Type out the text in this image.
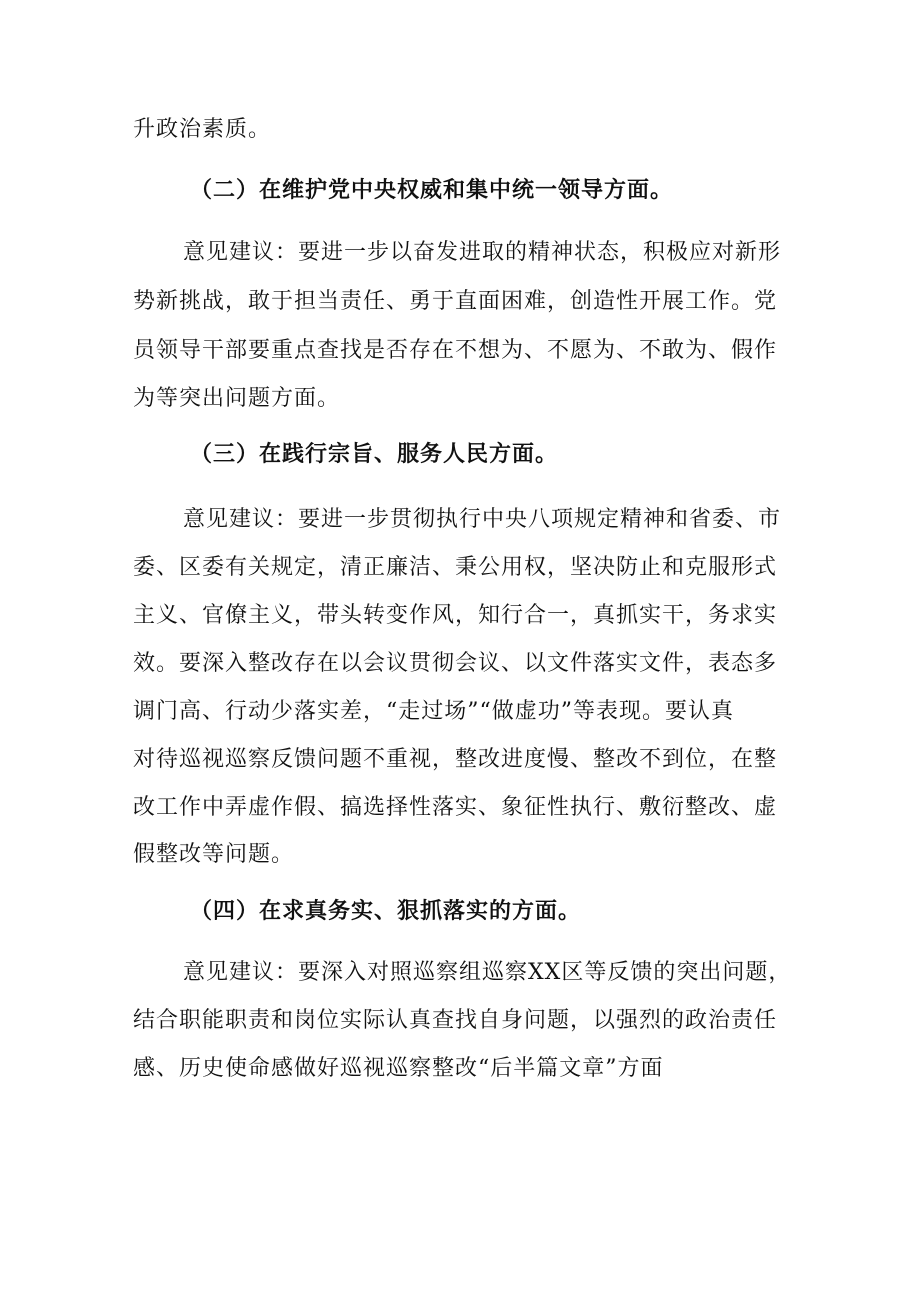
升政治素质。
（二）在维护党中央权威和集中统一领导方面。
意见建议：要进一步以奋发进取的精神状态，积极应对新形
势新挑战，敢于担当责任、勇于直面困难，创造性开展工作。党
员领导干部要重点查找是否存在不想为、不愿为、不敢为、假作
为等突出问题方面。
（三）在践行宗旨、服务人民方面。
意见建议：要进一步贯彻执行中央八项规定精神和省委、市
委、区委有关规定，清正廉洁、秉公用权，坚决防止和克服形式
主义、官僚主义，带头转变作风，知行合一，真抓实干，务求实
效。要深入整改存在以会议贯彻会议、以文件落实文件，表态多
调门高、行动少落实差，“走过场”“做虚功”等表现。要认真
对待巡视巡察反馈问题不重视，整改进度慢、整改不到位，在整
改工作中弄虚作假、搞选择性落实、象征性执行、敷衍整改、虚
假整改等问题。
（四）在求真务实、狠抓落实的方面。
意见建议：要深入对照巡察组巡察XX区等反馈的突出问题，
结合职能职责和岗位实际认真查找自身问题，以强烈的政治责任
感、历史使命感做好巡视巡察整改“后半篇文章”方面
